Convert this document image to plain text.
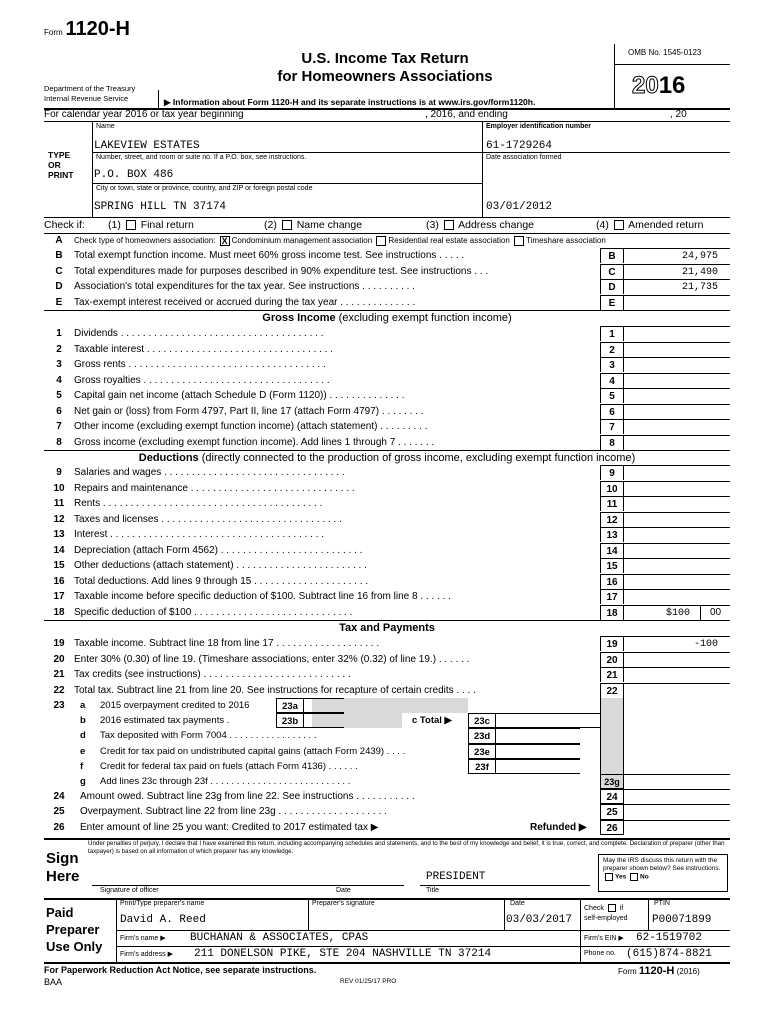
Form 1120-H
Department of the Treasury
Internal Revenue Service
U.S. Income Tax Return
for Homeowners Associations
▶ Information about Form 1120-H and its separate instructions is at www.irs.gov/form1120h.
OMB No. 1545-0123
2016
For calendar year 2016 or tax year beginning	, 2016, and ending	, 20
TYPE
OR
PRINT
Name
LAKEVIEW ESTATES
Employer identification number
61-1729264
Number, street, and room or suite no. If a P.O. box, see instructions.	Date association formed
P.O. BOX 486
City or town, state or province, country, and ZIP or foreign postal code
SPRING HILL TN 37174	03/01/2012
Check if: (1) Final return	(2) Name change	(3) Address change	(4) Amended return
A Check type of homeowners association: X Condominium management association Residential real estate association Timeshare association
B	Total exempt function income. Must meet 60% gross income test. See instructions . . . . .	B	24,975
C	Total expenditures made for purposes described in 90% expenditure test. See instructions . . .	C	21,490
D	Association's total expenditures for the tax year. See instructions . . . . . . . . . .	D	21,735
E	Tax-exempt interest received or accrued during the tax year . . . . . . . . . . . . . .	E
Gross Income (excluding exempt function income)
1	Dividends . . . . . . . . . . . . . . . . . . . . . . . . . . . . . . . . . . . . .	1
2	Taxable interest . . . . . . . . . . . . . . . . . . . . . . . . . . . . . . . . . .	2
3	Gross rents . . . . . . . . . . . . . . . . . . . . . . . . . . . . . . . . . . . .	3
4	Gross royalties . . . . . . . . . . . . . . . . . . . . . . . . . . . . . . . . . .	4
5	Capital gain net income (attach Schedule D (Form 1120)) . . . . . . . . . . . . . .	5
6	Net gain or (loss) from Form 4797, Part II, line 17 (attach Form 4797) . . . . . . . .	6
7	Other income (excluding exempt function income) (attach statement) . . . . . . . . .	7
8	Gross income (excluding exempt function income). Add lines 1 through 7 . . . . . . .	8
Deductions (directly connected to the production of gross income, excluding exempt function income)
9	Salaries and wages . . . . . . . . . . . . . . . . . . . . . . . . . . . . . . . . .	9
10 Repairs and maintenance . . . . . . . . . . . . . . . . . . . . . . . . . . . . . .	10
11 Rents . . . . . . . . . . . . . . . . . . . . . . . . . . . . . . . . . . . . . . . .	11
12 Taxes and licenses . . . . . . . . . . . . . . . . . . . . . . . . . . . . . . . . .	12
13 Interest . . . . . . . . . . . . . . . . . . . . . . . . . . . . . . . . . . . . . . .	13
14 Depreciation (attach Form 4562) . . . . . . . . . . . . . . . . . . . . . . . . . .	14
15 Other deductions (attach statement) . . . . . . . . . . . . . . . . . . . . . . . .	15
16 Total deductions. Add lines 9 through 15 . . . . . . . . . . . . . . . . . . . . .	16
17 Taxable income before specific deduction of $100. Subtract line 16 from line 8 . . . . . .	17
18 Specific deduction of $100 . . . . . . . . . . . . . . . . . . . . . . . . . . . . .	18	$100	00
Tax and Payments
19 Taxable income. Subtract line 18 from line 17 . . . . . . . . . . . . . . . . . . .	19	-100
20 Enter 30% (0.30) of line 19. (Timeshare associations, enter 32% (0.32) of line 19.) . . . . . .	20
21 Tax credits (see instructions) . . . . . . . . . . . . . . . . . . . . . . . . . . .	21
22 Total tax. Subtract line 21 from line 20. See instructions for recapture of certain credits . . . .	22
23	a 2015 overpayment credited to 2016	23a
b 2016 estimated tax payments .	23b
d Tax deposited with Form 7004 . . . . . . . . . . . . . . . . .	23d
e Credit for tax paid on undistributed capital gains (attach Form 2439) . . . .	23e
f Credit for federal tax paid on fuels (attach Form 4136) . . . . . .	23f
c Total ▶	23c
g Add lines 23c through 23f . . . . . . . . . . . . . . . . . . . . . . . . . . .	23g
24	Amount owed. Subtract line 23g from line 22. See instructions . . . . . . . . . . .	24
25	Overpayment. Subtract line 22 from line 23g . . . . . . . . . . . . . . . . . . . .	25
26	Enter amount of line 25 you want: Credited to 2017 estimated tax ▶	Refunded ▶	26
Sign
Here
Under penalties of perjury, I declare that I have examined this return, including accompanying schedules and statements, and to the best of my knowledge and belief, it is true, correct, and complete. Declaration of preparer (other than taxpayer) is based on all information of which preparer has any knowledge.
Signature of officer	Date
PRESIDENT
Title
May the IRS discuss this return with the preparer shown below? See instructions. Yes No
Paid
Preparer
Use Only
Print/Type preparer's name
David A. Reed
Preparer's signature	Date
03/03/2017
Check if
self-employed
PTIN
P00071899
Firm's name ▶ BUCHANAN & ASSOCIATES, CPAS	Firm's EIN ▶ 62-1519702
Firm's address ▶ 211 DONELSON PIKE, STE 204 NASHVILLE TN 37214	Phone no. (615)874-8821
For Paperwork Reduction Act Notice, see separate instructions.
BAA	REV 01/25/17 PRO
Form 1120-H (2016)
